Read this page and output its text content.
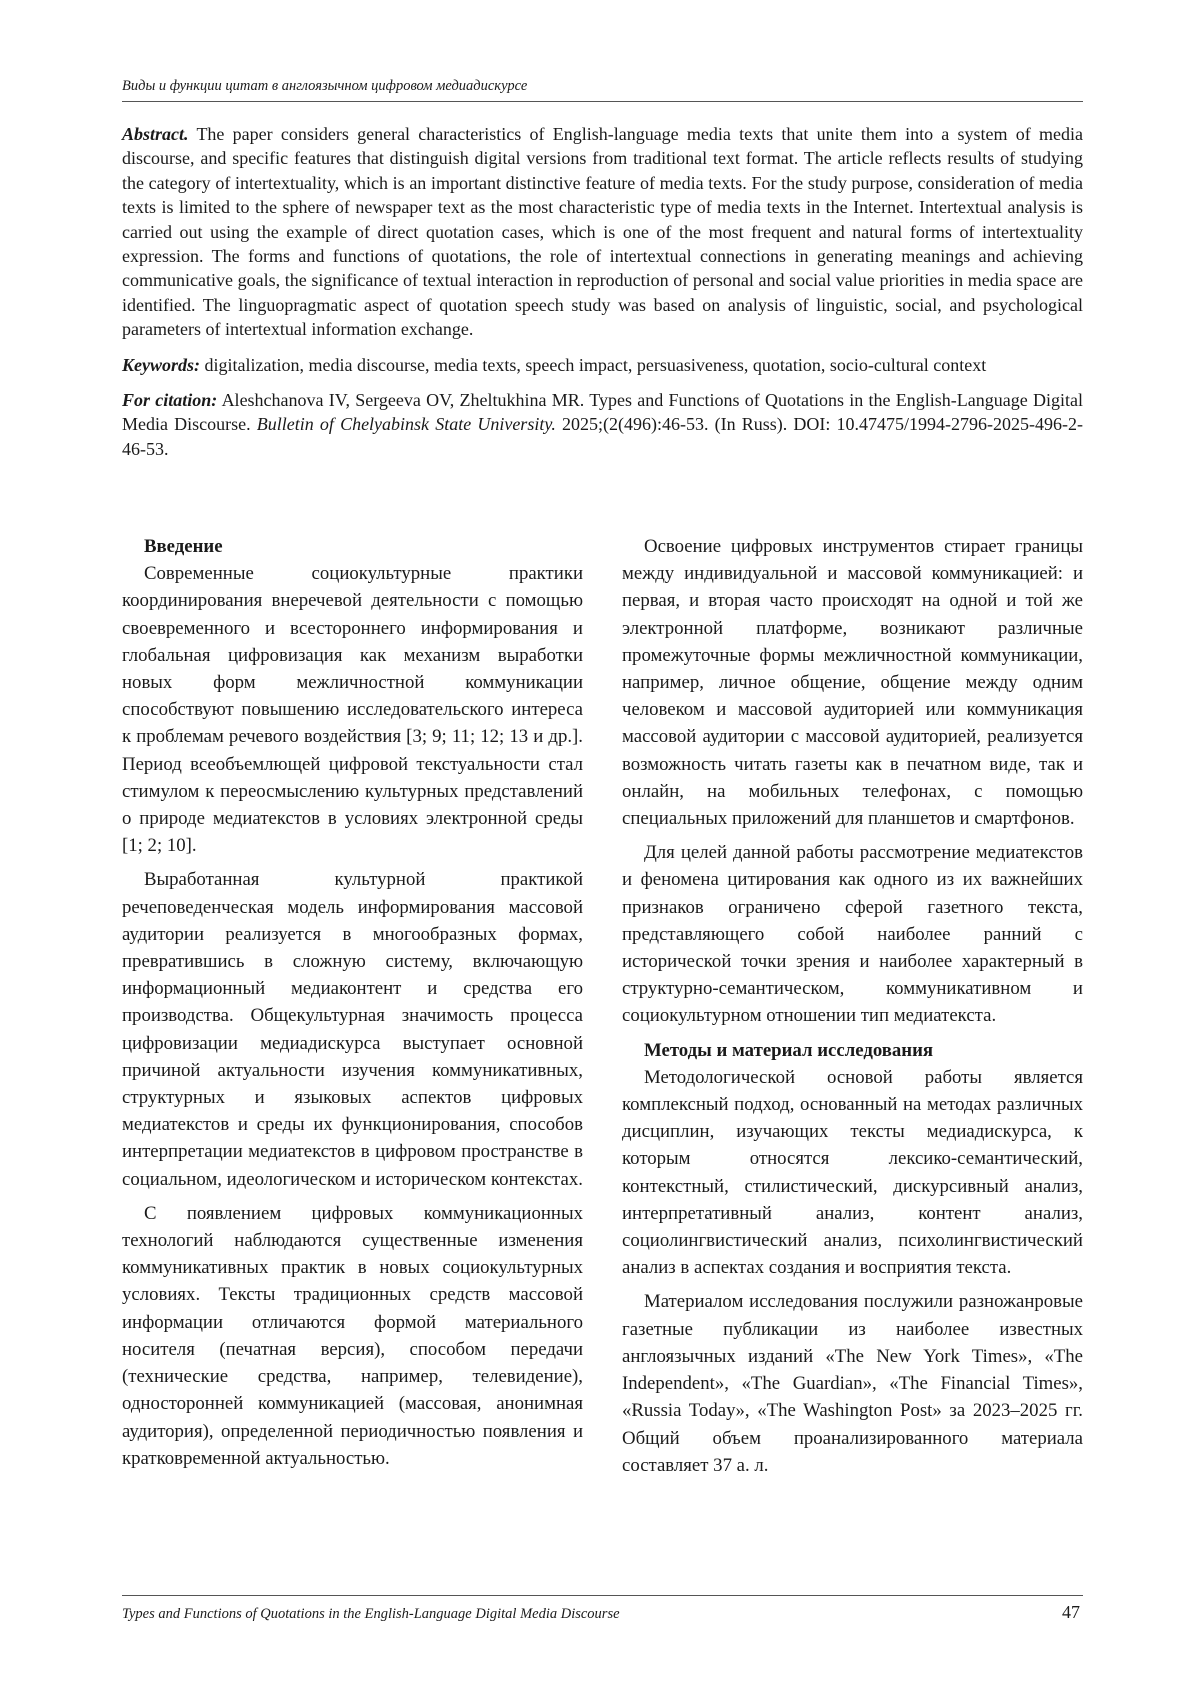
Виды и функции цитат в англоязычном цифровом медиадискурсе

Abstract. The paper considers general characteristics of English-language media texts that unite them into a system of media discourse, and specific features that distinguish digital versions from traditional text format. The article reflects results of studying the category of intertextuality, which is an important distinctive feature of media texts. For the study purpose, consideration of media texts is limited to the sphere of newspaper text as the most characteristic type of media texts in the Internet. Intertextual analysis is carried out using the example of direct quotation cases, which is one of the most frequent and natural forms of intertextuality expression. The forms and functions of quotations, the role of intertextual connections in generating meanings and achieving communicative goals, the significance of textual interaction in reproduction of personal and social value priorities in media space are identified. The linguopragmatic aspect of quotation speech study was based on analysis of linguistic, social, and psychological parameters of intertextual information exchange.

Keywords: digitalization, media discourse, media texts, speech impact, persuasiveness, quotation, socio-cultural context

For citation: Aleshchanova IV, Sergeeva OV, Zheltukhina MR. Types and Functions of Quotations in the English-Language Digital Media Discourse. Bulletin of Chelyabinsk State University. 2025;(2(496):46-53. (In Russ). DOI: 10.47475/1994-2796-2025-496-2-46-53.

Введение

Современные социокультурные практики координирования внеречевой деятельности с помощью своевременного и всестороннего информирования и глобальная цифровизация как механизм выработки новых форм межличностной коммуникации способствуют повышению исследовательского интереса к проблемам речевого воздействия [3; 9; 11; 12; 13 и др.]. Период всеобъемлющей цифровой текстуальности стал стимулом к переосмыслению культурных представлений о природе медиатекстов в условиях электронной среды [1; 2; 10].

Выработанная культурной практикой речеповеденческая модель информирования массовой аудитории реализуется в многообразных формах, превратившись в сложную систему, включающую информационный медиаконтент и средства его производства. Общекультурная значимость процесса цифровизации медиадискурса выступает основной причиной актуальности изучения коммуникативных, структурных и языковых аспектов цифровых медиатекстов и среды их функционирования, способов интерпретации медиатекстов в цифровом пространстве в социальном, идеологическом и историческом контекстах.

С появлением цифровых коммуникационных технологий наблюдаются существенные изменения коммуникативных практик в новых социокультурных условиях. Тексты традиционных средств массовой информации отличаются формой материального носителя (печатная версия), способом передачи (технические средства, например, телевидение), односторонней коммуникацией (массовая, анонимная аудитория), определенной периодичностью появления и кратковременной актуальностью.

Освоение цифровых инструментов стирает границы между индивидуальной и массовой коммуникацией: и первая, и вторая часто происходят на одной и той же электронной платформе, возникают различные промежуточные формы межличностной коммуникации, например, личное общение, общение между одним человеком и массовой аудиторией или коммуникация массовой аудитории с массовой аудиторией, реализуется возможность читать газеты как в печатном виде, так и онлайн, на мобильных телефонах, с помощью специальных приложений для планшетов и смартфонов.

Для целей данной работы рассмотрение медиатекстов и феномена цитирования как одного из их важнейших признаков ограничено сферой газетного текста, представляющего собой наиболее ранний с исторической точки зрения и наиболее характерный в структурно-семантическом, коммуникативном и социокультурном отношении тип медиатекста.

Методы и материал исследования

Методологической основой работы является комплексный подход, основанный на методах различных дисциплин, изучающих тексты медиадискурса, к которым относятся лексико-семантический, контекстный, стилистический, дискурсивный анализ, интерпретативный анализ, контент анализ, социолингвистический анализ, психолингвистический анализ в аспектах создания и восприятия текста.

Материалом исследования послужили разножанровые газетные публикации из наиболее известных англоязычных изданий «The New York Times», «The Independent», «The Guardian», «The Financial Times», «Russia Today», «The Washington Post» за 2023–2025 гг. Общий объем проанализированного материала составляет 37 а. л.

Types and Functions of Quotations in the English-Language Digital Media Discourse	47
